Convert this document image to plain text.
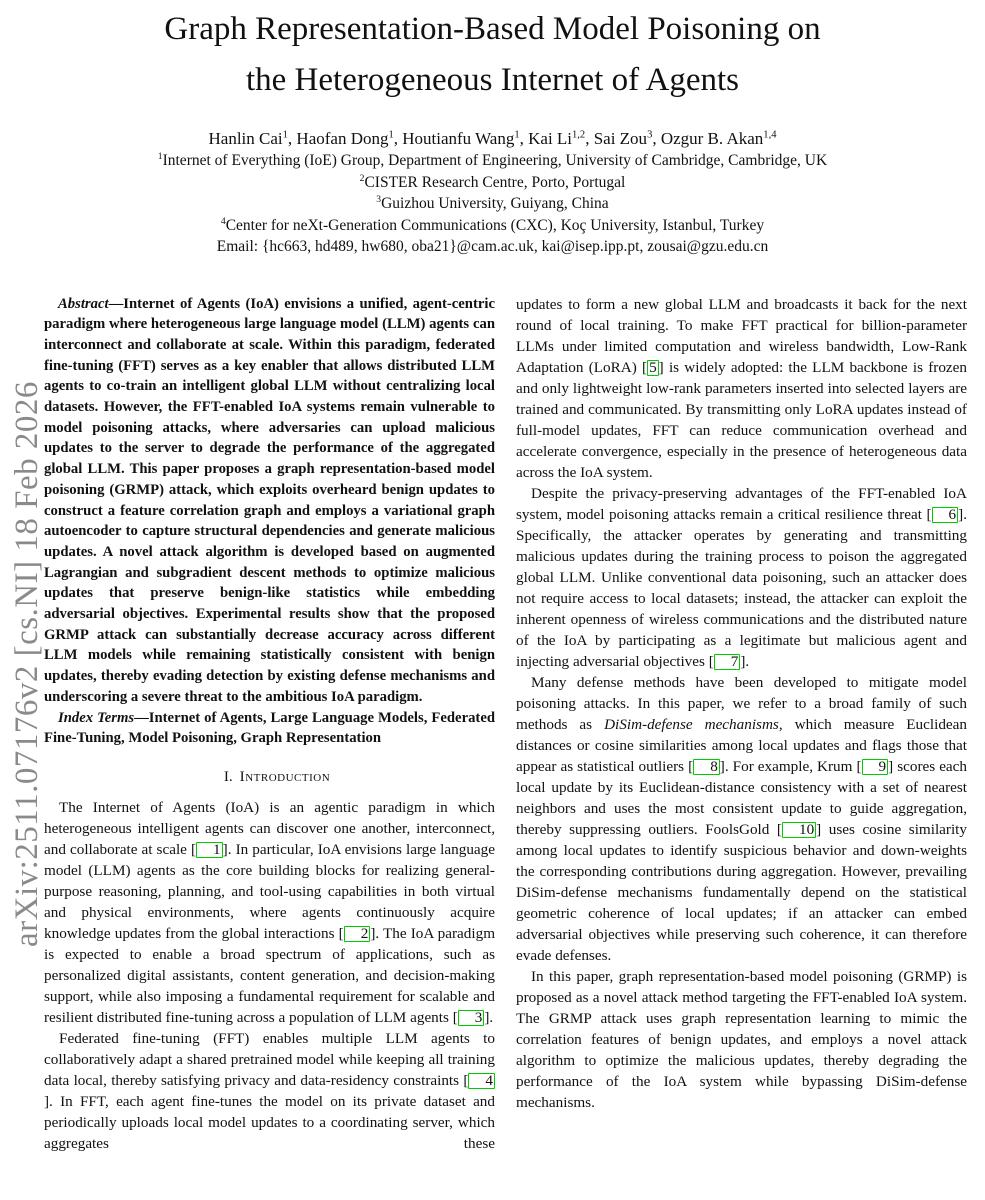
arXiv:2511.07176v2 [cs.NI] 18 Feb 2026
Graph Representation-Based Model Poisoning on
the Heterogeneous Internet of Agents
Hanlin Cai$^1$, Haofan Dong$^1$, Houtianfu Wang$^1$, Kai Li$^{1,2}$, Sai Zou$^3$, Ozgur B. Akan$^{1,4}$
$^1$Internet of Everything (IoE) Group, Department of Engineering, University of Cambridge, Cambridge, UK
$^2$CISTER Research Centre, Porto, Portugal
$^3$Guizhou University, Guiyang, China
$^4$Center for neXt-Generation Communications (CXC), Koç University, Istanbul, Turkey
Email: {hc663, hd489, hw680, oba21}@cam.ac.uk, kai@isep.ipp.pt, zousai@gzu.edu.cn

Abstract—Internet of Agents (IoA) envisions a unified, agent-centric paradigm where heterogeneous large language model (LLM) agents can interconnect and collaborate at scale. Within this paradigm, federated fine-tuning (FFT) serves as a key enabler that allows distributed LLM agents to co-train an intelligent global LLM without centralizing local datasets. However, the FFT-enabled IoA systems remain vulnerable to model poisoning attacks, where adversaries can upload malicious updates to the server to degrade the performance of the aggregated global LLM. This paper proposes a graph representation-based model poisoning (GRMP) attack, which exploits overheard benign updates to construct a feature correlation graph and employs a variational graph autoencoder to capture structural dependencies and generate malicious updates. A novel attack algorithm is developed based on augmented Lagrangian and subgradient descent methods to optimize malicious updates that preserve benign-like statistics while embedding adversarial objectives. Experimental results show that the proposed GRMP attack can substantially decrease accuracy across different LLM models while remaining statistically consistent with benign updates, thereby evading detection by existing defense mechanisms and underscoring a severe threat to the ambitious IoA paradigm.

Index Terms—Internet of Agents, Large Language Models, Federated Fine-Tuning, Model Poisoning, Graph Representation

I. Introduction

The Internet of Agents (IoA) is an agentic paradigm in which heterogeneous intelligent agents can discover one another, interconnect, and collaborate at scale [ 1 ]. In particular, IoA envisions large language model (LLM) agents as the core building blocks for realizing general-purpose reasoning, planning, and tool-using capabilities in both virtual and physical environments, where agents continuously acquire knowledge updates from the global interactions [ 2 ]. The IoA paradigm is expected to enable a broad spectrum of applications, such as personalized digital assistants, content generation, and decision-making support, while also imposing a fundamental requirement for scalable and resilient distributed fine-tuning across a population of LLM agents [ 3 ].

Federated fine-tuning (FFT) enables multiple LLM agents to collaboratively adapt a shared pretrained model while keeping all training data local, thereby satisfying privacy and data-residency constraints [ 4]. In FFT, each agent fine-tunes the model on its private dataset and periodically uploads local model updates to a coordinating server, which aggregates these

updates to form a new global LLM and broadcasts it back for the next round of local training. To make FFT practical for billion-parameter LLMs under limited computation and wireless bandwidth, Low-Rank Adaptation (LoRA) [ 5 ] is widely adopted: the LLM backbone is frozen and only lightweight low-rank parameters inserted into selected layers are trained and communicated. By transmitting only LoRA updates instead of full-model updates, FFT can reduce communication overhead and accelerate convergence, especially in the presence of heterogeneous data across the IoA system.

Despite the privacy-preserving advantages of the FFT-enabled IoA system, model poisoning attacks remain a critical resilience threat [ 6 ]. Specifically, the attacker operates by generating and transmitting malicious updates during the training process to poison the aggregated global LLM. Unlike conventional data poisoning, such an attacker does not require access to local datasets; instead, the attacker can exploit the inherent openness of wireless communications and the distributed nature of the IoA by participating as a legitimate but malicious agent and injecting adversarial objectives [ 7 ].

Many defense methods have been developed to mitigate model poisoning attacks. In this paper, we refer to a broad family of such methods as DiSim-defense mechanisms, which measure Euclidean distances or cosine similarities among local updates and flags those that appear as statistical outliers [ 8 ]. For example, Krum [ 9 ] scores each local update by its Euclidean-distance consistency with a set of nearest neighbors and uses the most consistent update to guide aggregation, thereby suppressing outliers. FoolsGold [ 10 ] uses cosine similarity among local updates to identify suspicious behavior and down-weights the corresponding contributions during aggregation. However, prevailing DiSim-defense mechanisms fundamentally depend on the statistical geometric coherence of local updates; if an attacker can embed adversarial objectives while preserving such coherence, it can therefore evade defenses.

In this paper, graph representation-based model poisoning (GRMP) is proposed as a novel attack method targeting the FFT-enabled IoA system. The GRMP attack uses graph representation learning to mimic the correlation features of benign updates, and employs a novel attack algorithm to optimize the malicious updates, thereby degrading the performance of the IoA system while bypassing DiSim-defense mechanisms.
